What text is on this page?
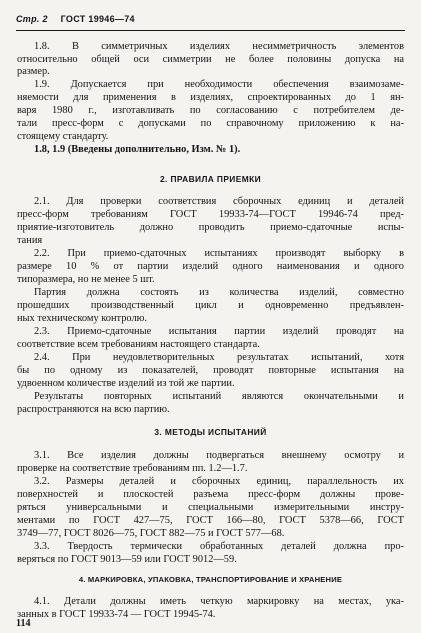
Стр. 2 ГОСТ 19946—74
1.8. В симметричных изделиях несимметричность элементов
относительно общей оси симметрии не более половины допуска на
размер.
1.9. Допускается при необходимости обеспечения взаимозаме-
няемости для применения в изделиях, спроектированных до 1 ян-
варя 1980 г., изготавливать по согласованию с потребителем де-
тали пресс-форм с допусками по справочному приложению к на-
стоящему стандарту.
1.8, 1.9 (Введены дополнительно, Изм. № 1).
2. ПРАВИЛА ПРИЕМКИ
2.1. Для проверки соответствия сборочных единиц и деталей
пресс-форм требованиям ГОСТ 19933-74—ГОСТ 19946-74 пред-
приятие-изготовитель должно проводить приемо-сдаточные испы-
тания
2.2. При приемо-сдаточных испытаниях производят выборку в
размере 10 % от партии изделий одного наименования и одного
типоразмера, но не менее 5 шт.
Партия должна состоять из количества изделий, совместно
прошедших производственный цикл и одновременно предъявлен-
ных техническому контролю.
2.3. Приемо-сдаточные испытания партии изделий проводят на
соответствие всем требованиям настоящего стандарта.
2.4. При неудовлетворительных результатах испытаний, хотя
бы по одному из показателей, проводят повторные испытания на
удвоенном количестве изделий из той же партии.
Результаты повторных испытаний являются окончательными и
распространяются на всю партию.
3. МЕТОДЫ ИСПЫТАНИЙ
3.1. Все изделия должны подвергаться внешнему осмотру и
проверке на соответствие требованиям пп. 1.2—1.7.
3.2. Размеры деталей и сборочных единиц, параллельность их
поверхностей и плоскостей разъема пресс-форм должны прове-
ряться универсальными и специальными измерительными инстру-
ментами по ГОСТ 427—75, ГОСТ 166—80, ГОСТ 5378—66, ГОСТ
3749—77, ГОСТ 8026—75, ГОСТ 882—75 и ГОСТ 577—68.
3.3. Твердость термически обработанных деталей должна про-
веряться по ГОСТ 9013—59 или ГОСТ 9012—59.
4. МАРКИРОВКА, УПАКОВКА, ТРАНСПОРТИРОВАНИЕ И ХРАНЕНИЕ
4.1. Детали должны иметь четкую маркировку на местах, ука-
занных в ГОСТ 19933-74 — ГОСТ 19945-74.
114
